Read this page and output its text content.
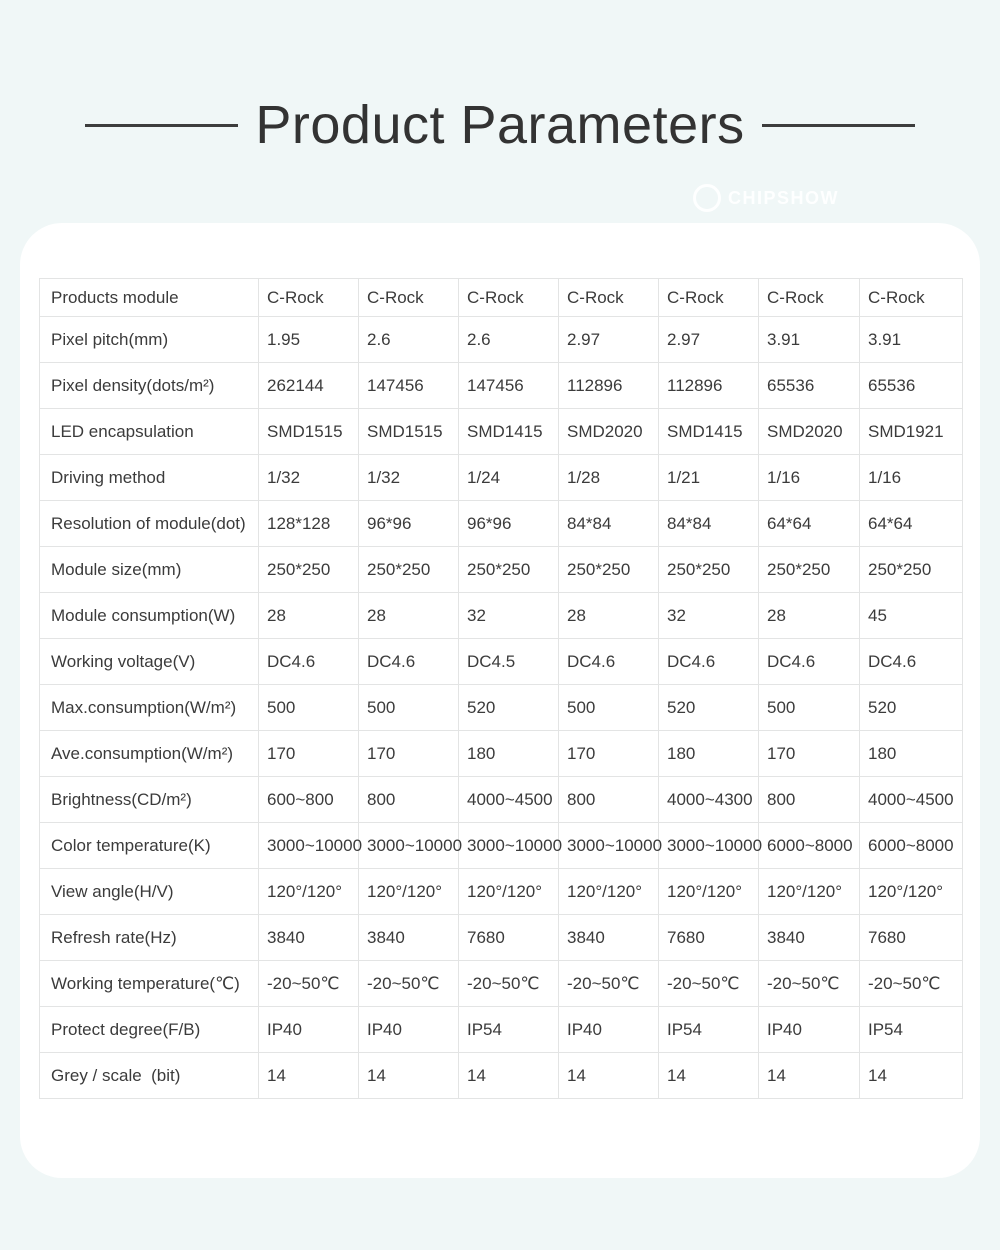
Product Parameters
CHIPSHOW
Products module	C-Rock	C-Rock	C-Rock	C-Rock	C-Rock	C-Rock	C-Rock
Pixel pitch(mm)	1.95	2.6	2.6	2.97	2.97	3.91	3.91
Pixel density(dots/m²)	262144	147456	147456	112896	112896	65536	65536
LED encapsulation	SMD1515	SMD1515	SMD1415	SMD2020	SMD1415	SMD2020	SMD1921
Driving method	1/32	1/32	1/24	1/28	1/21	1/16	1/16
Resolution of module(dot)	128*128	96*96	96*96	84*84	84*84	64*64	64*64
Module size(mm)	250*250	250*250	250*250	250*250	250*250	250*250	250*250
Module consumption(W)	28	28	32	28	32	28	45
Working voltage(V)	DC4.6	DC4.6	DC4.5	DC4.6	DC4.6	DC4.6	DC4.6
Max.consumption(W/m²)	500	500	520	500	520	500	520
Ave.consumption(W/m²)	170	170	180	170	180	170	180
Brightness(CD/m²)	600~800	800	4000~4500	800	4000~4300	800	4000~4500
Color temperature(K)	3000~10000	3000~10000	3000~10000	3000~10000	3000~10000	6000~8000	6000~8000
View angle(H/V)	120°/120°	120°/120°	120°/120°	120°/120°	120°/120°	120°/120°	120°/120°
Refresh rate(Hz)	3840	3840	7680	3840	7680	3840	7680
Working temperature(℃)	-20~50℃	-20~50℃	-20~50℃	-20~50℃	-20~50℃	-20~50℃	-20~50℃
Protect degree(F/B)	IP40	IP40	IP54	IP40	IP54	IP40	IP54
Grey / scale  (bit)	14	14	14	14	14	14	14
